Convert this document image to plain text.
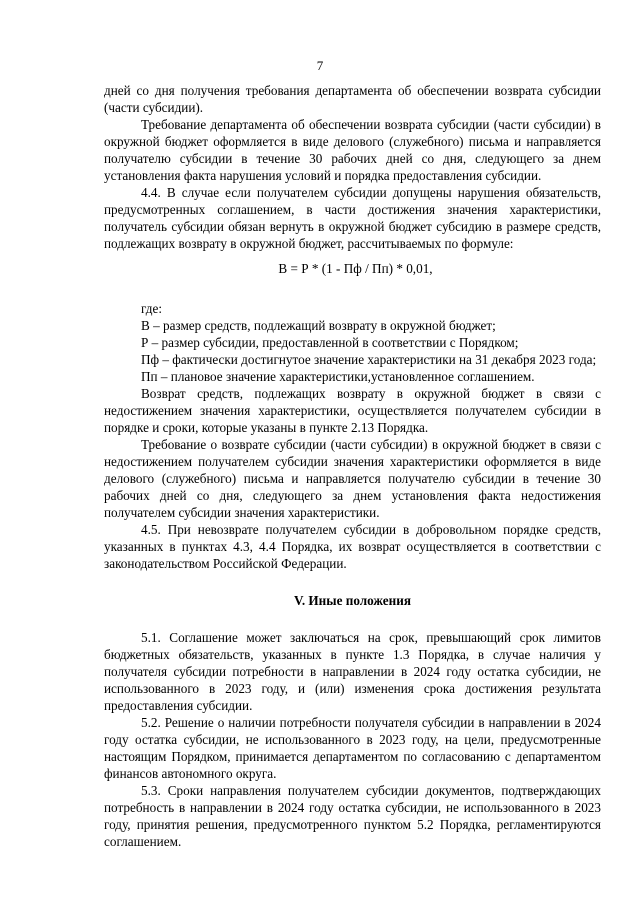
7

дней со дня получения требования департамента об обеспечении возврата субсидии (части субсидии).

Требование департамента об обеспечении возврата субсидии (части субсидии) в окружной бюджет оформляется в виде делового (служебного) письма и направляется получателю субсидии в течение 30 рабочих дней со дня, следующего за днем установления факта нарушения условий и порядка предоставления субсидии.

4.4. В случае если получателем субсидии допущены нарушения обязательств, предусмотренных соглашением, в части достижения значения характеристики, получатель субсидии обязан вернуть в окружной бюджет субсидию в размере средств, подлежащих возврату в окружной бюджет, рассчитываемых по формуле:

В = Р * (1 - Пф / Пп) * 0,01,

где:

В – размер средств, подлежащий возврату в окружной бюджет;

Р – размер субсидии, предоставленной в соответствии с Порядком;

Пф – фактически достигнутое значение характеристики на 31 декабря 2023 года;

Пп – плановое значение характеристики,установленное соглашением.

Возврат средств, подлежащих возврату в окружной бюджет в связи с недостижением значения характеристики, осуществляется получателем субсидии в порядке и сроки, которые указаны в пункте 2.13 Порядка.

Требование о возврате субсидии (части субсидии) в окружной бюджет в связи с недостижением получателем субсидии значения характеристики оформляется в виде делового (служебного) письма и направляется получателю субсидии в течение 30 рабочих дней со дня, следующего за днем установления факта недостижения получателем субсидии значения характеристики.

4.5. При невозврате получателем субсидии в добровольном порядке средств, указанных в пунктах 4.3, 4.4 Порядка, их возврат осуществляется в соответствии с законодательством Российской Федерации.

V. Иные положения

5.1. Соглашение может заключаться на срок, превышающий срок лимитов бюджетных обязательств, указанных в пункте 1.3 Порядка, в случае наличия у получателя субсидии потребности в направлении в 2024 году остатка субсидии, не использованного в 2023 году, и (или) изменения срока достижения результата предоставления субсидии.

5.2. Решение о наличии потребности получателя субсидии в направлении в 2024 году остатка субсидии, не использованного в 2023 году, на цели, предусмотренные настоящим Порядком, принимается департаментом по согласованию с департаментом финансов автономного округа.

5.3. Сроки направления получателем субсидии документов, подтверждающих потребность в направлении в 2024 году остатка субсидии, не использованного в 2023 году, принятия решения, предусмотренного пунктом 5.2 Порядка, регламентируются соглашением.
